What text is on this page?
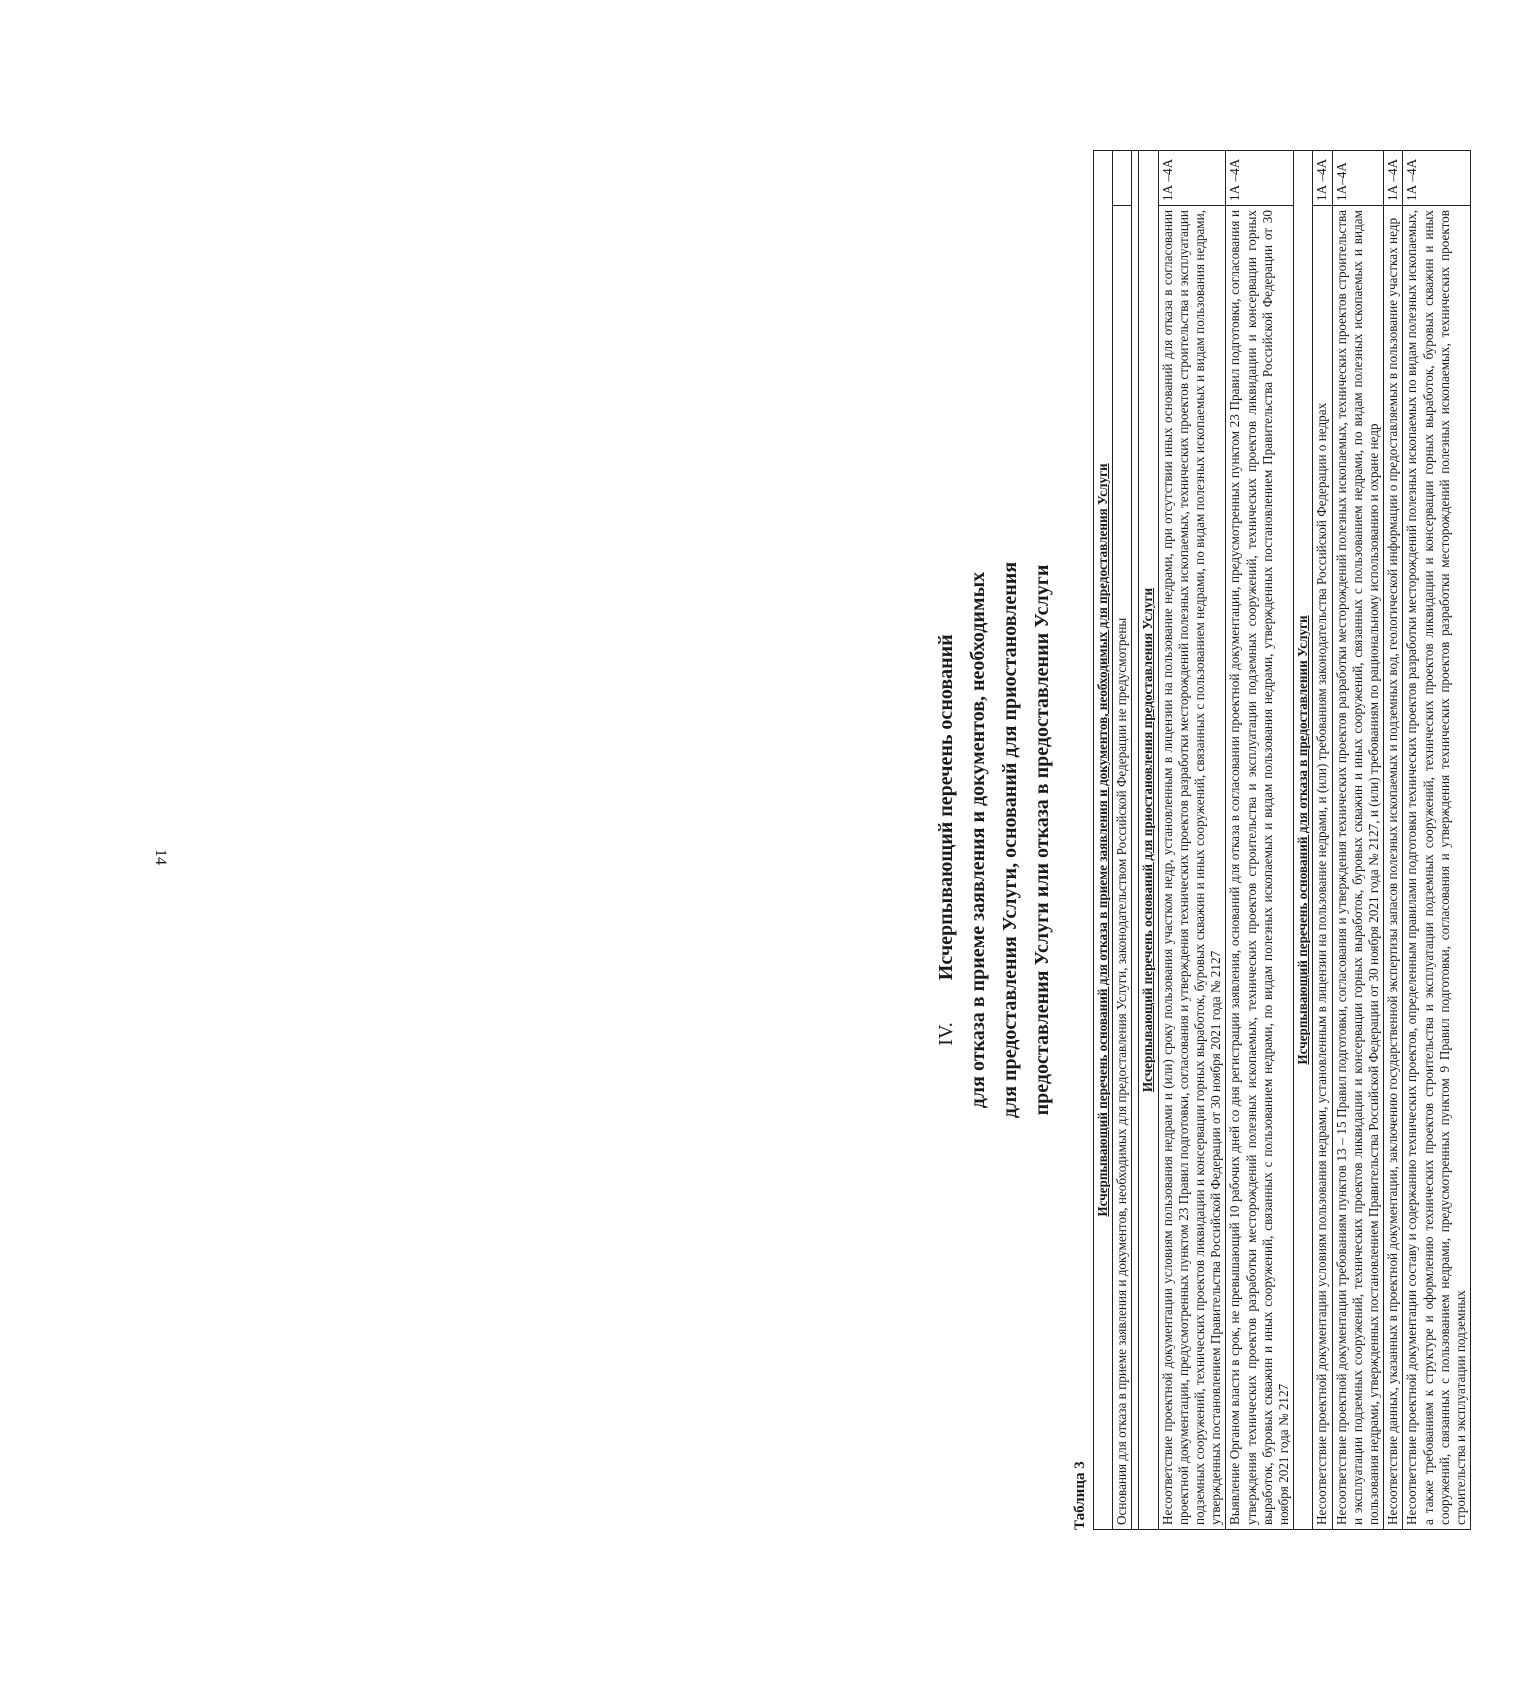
14
IV.Исчерпывающий перечень оснований для отказа в приеме заявления и документов, необходимых для предоставления Услуги, оснований для приостановления предоставления Услуги или отказа в предоставлении Услуги
Таблица 3
Исчерпывающий перечень оснований для отказа в приеме заявления и документов, необходимых для предоставления Услуги	
Основания для отказа в приеме заявления и документов, необходимых для предоставления Услуги, законодательством Российской Федерации не предусмотрены	

Исчерпывающий перечень оснований для приостановления предоставления Услуги	
Несоответствие проектной документации условиям пользования недрами и (или) сроку пользования участком недр, установленным в лицензии на пользование недрами, при отсутствии иных оснований для отказа в согласовании проектной документации, предусмотренных пунктом 23 Правил подготовки, согласования и утверждения технических проектов разработки месторождений полезных ископаемых, технических проектов строительства и эксплуатации подземных сооружений, технических проектов ликвидации и консервации горных выработок, буровых скважин и иных сооружений, связанных с пользованием недрами, по видам полезных ископаемых и видам пользования недрами, утвержденных постановлением Правительства Российской Федерации от 30 ноября 2021 года № 2127	1А –4А
Выявление Органом власти в срок, не превышающий 10 рабочих дней со дня регистрации заявления, оснований для отказа в согласовании проектной документации, предусмотренных пунктом 23 Правил подготовки, согласования и утверждения технических проектов разработки месторождений полезных ископаемых, технических проектов строительства и эксплуатации подземных сооружений, технических проектов ликвидации и консервации горных выработок, буровых скважин и иных сооружений, связанных с пользованием недрами, по видам полезных ископаемых и видам пользования недрами, утвержденных постановлением Правительства Российской Федерации от 30 ноября 2021 года № 2127	1А –4А
Исчерпывающий перечень оснований для отказа в предоставлении Услуги	
Несоответствие проектной документации условиям пользования недрами, установленным в лицензии на пользование недрами, и (или) требованиям законодательства Российской Федерации о недрах	1А –4А
Несоответствие проектной документации требованиям пунктов 13 – 15 Правил подготовки, согласования и утверждения технических проектов разработки месторождений полезных ископаемых, технических проектов строительства и эксплуатации подземных сооружений, технических проектов ликвидации и консервации горных выработок, буровых скважин и иных сооружений, связанных с пользованием недрами, по видам полезных ископаемых и видам пользования недрами, утвержденных постановлением Правительства Российской Федерации от 30 ноября 2021 года № 2127, и (или) требованиям по рациональному использованию и охране недр	1А–4А
Несоответствие данных, указанных в проектной документации, заключению государственной экспертизы запасов полезных ископаемых и подземных вод, геологической информации о предоставляемых в пользование участках недр	1А –4А
Несоответствие проектной документации составу и содержанию технических проектов, определенным правилами подготовки технических проектов разработки месторождений полезных ископаемых по видам полезных ископаемых, а также требованиям к структуре и оформлению технических проектов строительства и эксплуатации подземных сооружений, технических проектов ликвидации и консервации горных выработок, буровых скважин и иных сооружений, связанных с пользованием недрами, предусмотренных пунктом 9 Правил подготовки, согласования и утверждения технических проектов разработки месторождений полезных ископаемых, технических проектов строительства и эксплуатации подземных	1А –4А
